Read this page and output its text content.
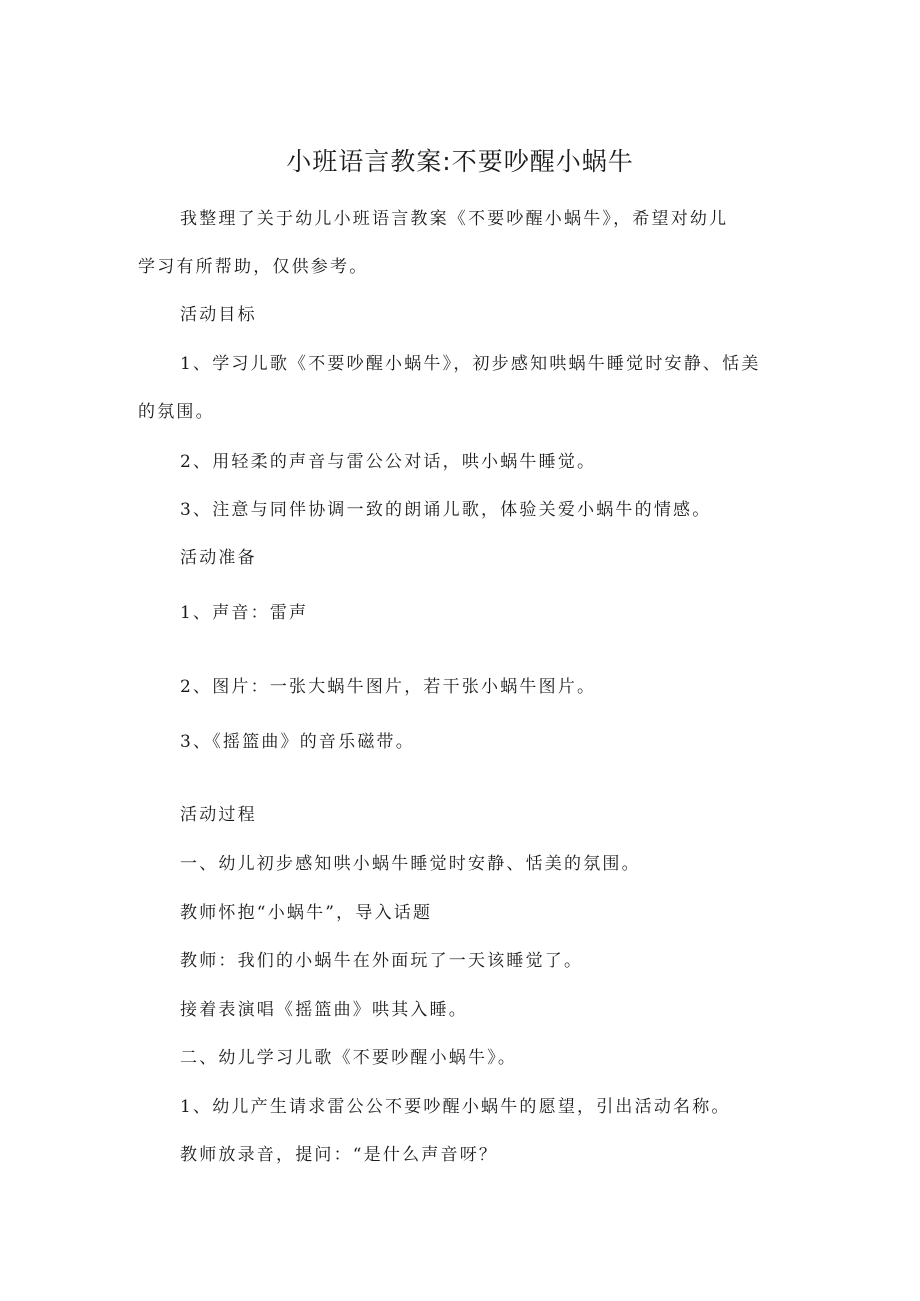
小班语言教案:不要吵醒小蜗牛
我整理了关于幼儿小班语言教案《不要吵醒小蜗牛》，希望对幼儿
学习有所帮助，仅供参考。
活动目标
1、学习儿歌《不要吵醒小蜗牛》，初步感知哄蜗牛睡觉时安静、恬美
的氛围。
2、用轻柔的声音与雷公公对话，哄小蜗牛睡觉。
3、注意与同伴协调一致的朗诵儿歌，体验关爱小蜗牛的情感。
活动准备
1、声音：雷声
2、图片：一张大蜗牛图片，若干张小蜗牛图片。
3、《摇篮曲》的音乐磁带。
活动过程
一、幼儿初步感知哄小蜗牛睡觉时安静、恬美的氛围。
教师怀抱“小蜗牛”，导入话题
教师：我们的小蜗牛在外面玩了一天该睡觉了。
接着表演唱《摇篮曲》哄其入睡。
二、幼儿学习儿歌《不要吵醒小蜗牛》。
1、幼儿产生请求雷公公不要吵醒小蜗牛的愿望，引出活动名称。
教师放录音，提问：“是什么声音呀？
